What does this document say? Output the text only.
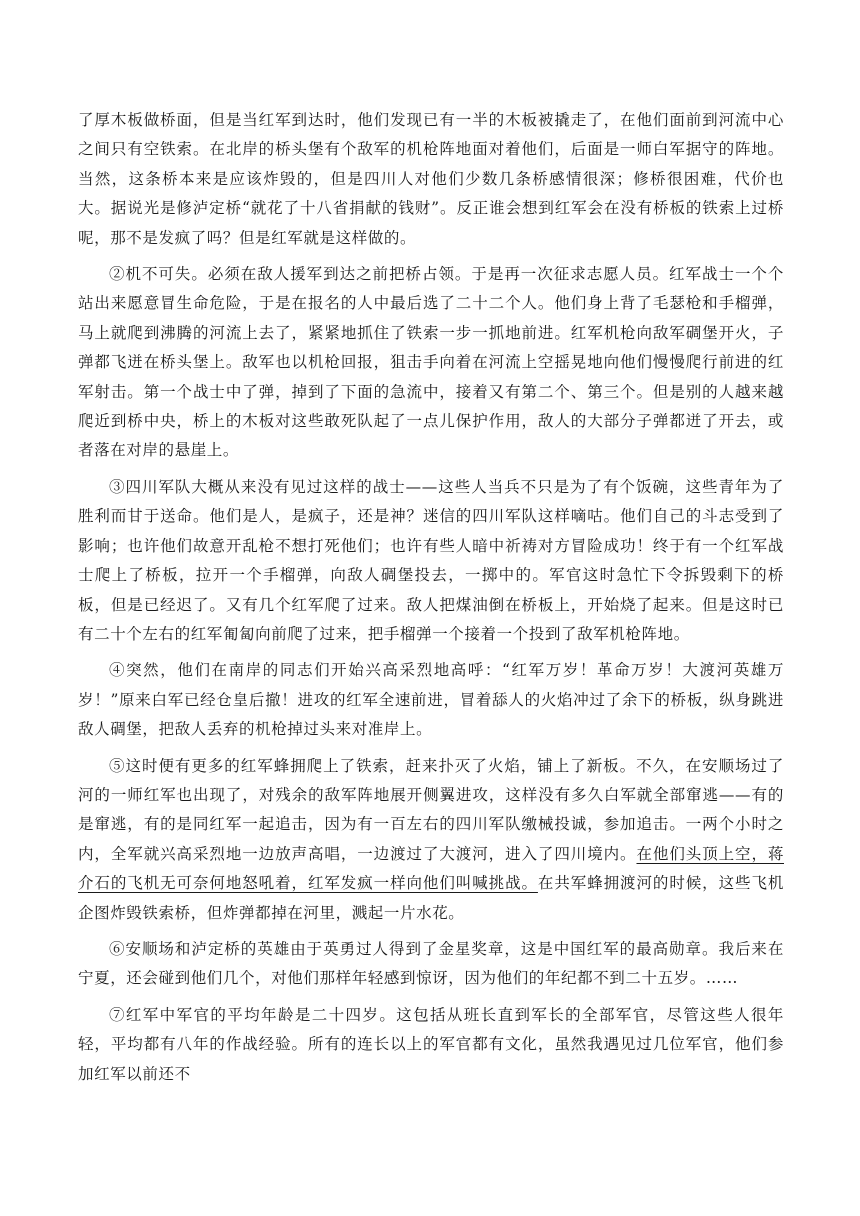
了厚木板做桥面，但是当红军到达时，他们发现已有一半的木板被撬走了，在他们面前到河流中心之间只有空铁索。在北岸的桥头堡有个敌军的机枪阵地面对着他们，后面是一师白军据守的阵地。当然，这条桥本来是应该炸毁的，但是四川人对他们少数几条桥感情很深；修桥很困难，代价也大。据说光是修泸定桥“就花了十八省捐献的钱财”。反正谁会想到红军会在没有桥板的铁索上过桥呢，那不是发疯了吗？但是红军就是这样做的。

②机不可失。必须在敌人援军到达之前把桥占领。于是再一次征求志愿人员。红军战士一个个站出来愿意冒生命危险，于是在报名的人中最后选了二十二个人。他们身上背了毛瑟枪和手榴弹，马上就爬到沸腾的河流上去了，紧紧地抓住了铁索一步一抓地前进。红军机枪向敌军碉堡开火，子弹都飞迸在桥头堡上。敌军也以机枪回报，狙击手向着在河流上空摇晃地向他们慢慢爬行前进的红军射击。第一个战士中了弹，掉到了下面的急流中，接着又有第二个、第三个。但是别的人越来越爬近到桥中央，桥上的木板对这些敢死队起了一点儿保护作用，敌人的大部分子弹都迸了开去，或者落在对岸的悬崖上。

③四川军队大概从来没有见过这样的战士——这些人当兵不只是为了有个饭碗，这些青年为了胜利而甘于送命。他们是人，是疯子，还是神？迷信的四川军队这样嘀咕。他们自己的斗志受到了影响；也许他们故意开乱枪不想打死他们；也许有些人暗中祈祷对方冒险成功！终于有一个红军战士爬上了桥板，拉开一个手榴弹，向敌人碉堡投去，一掷中的。军官这时急忙下令拆毁剩下的桥板，但是已经迟了。又有几个红军爬了过来。敌人把煤油倒在桥板上，开始烧了起来。但是这时已有二十个左右的红军匍匐向前爬了过来，把手榴弹一个接着一个投到了敌军机枪阵地。

④突然，他们在南岸的同志们开始兴高采烈地高呼：“红军万岁！革命万岁！大渡河英雄万岁！”原来白军已经仓皇后撤！进攻的红军全速前进，冒着舔人的火焰冲过了余下的桥板，纵身跳进敌人碉堡，把敌人丢弃的机枪掉过头来对准岸上。

⑤这时便有更多的红军蜂拥爬上了铁索，赶来扑灭了火焰，铺上了新板。不久，在安顺场过了河的一师红军也出现了，对残余的敌军阵地展开侧翼进攻，这样没有多久白军就全部窜逃——有的是窜逃，有的是同红军一起追击，因为有一百左右的四川军队缴械投诚，参加追击。一两个小时之内，全军就兴高采烈地一边放声高唱，一边渡过了大渡河，进入了四川境内。在他们头顶上空，蒋介石的飞机无可奈何地怒吼着，红军发疯一样向他们叫喊挑战。在共军蜂拥渡河的时候，这些飞机企图炸毁铁索桥，但炸弹都掉在河里，溅起一片水花。

⑥安顺场和泸定桥的英雄由于英勇过人得到了金星奖章，这是中国红军的最高勋章。我后来在宁夏，还会碰到他们几个，对他们那样年轻感到惊讶，因为他们的年纪都不到二十五岁。……

⑦红军中军官的平均年龄是二十四岁。这包括从班长直到军长的全部军官，尽管这些人很年轻，平均都有八年的作战经验。所有的连长以上的军官都有文化，虽然我遇见过几位军官，他们参加红军以前还不
